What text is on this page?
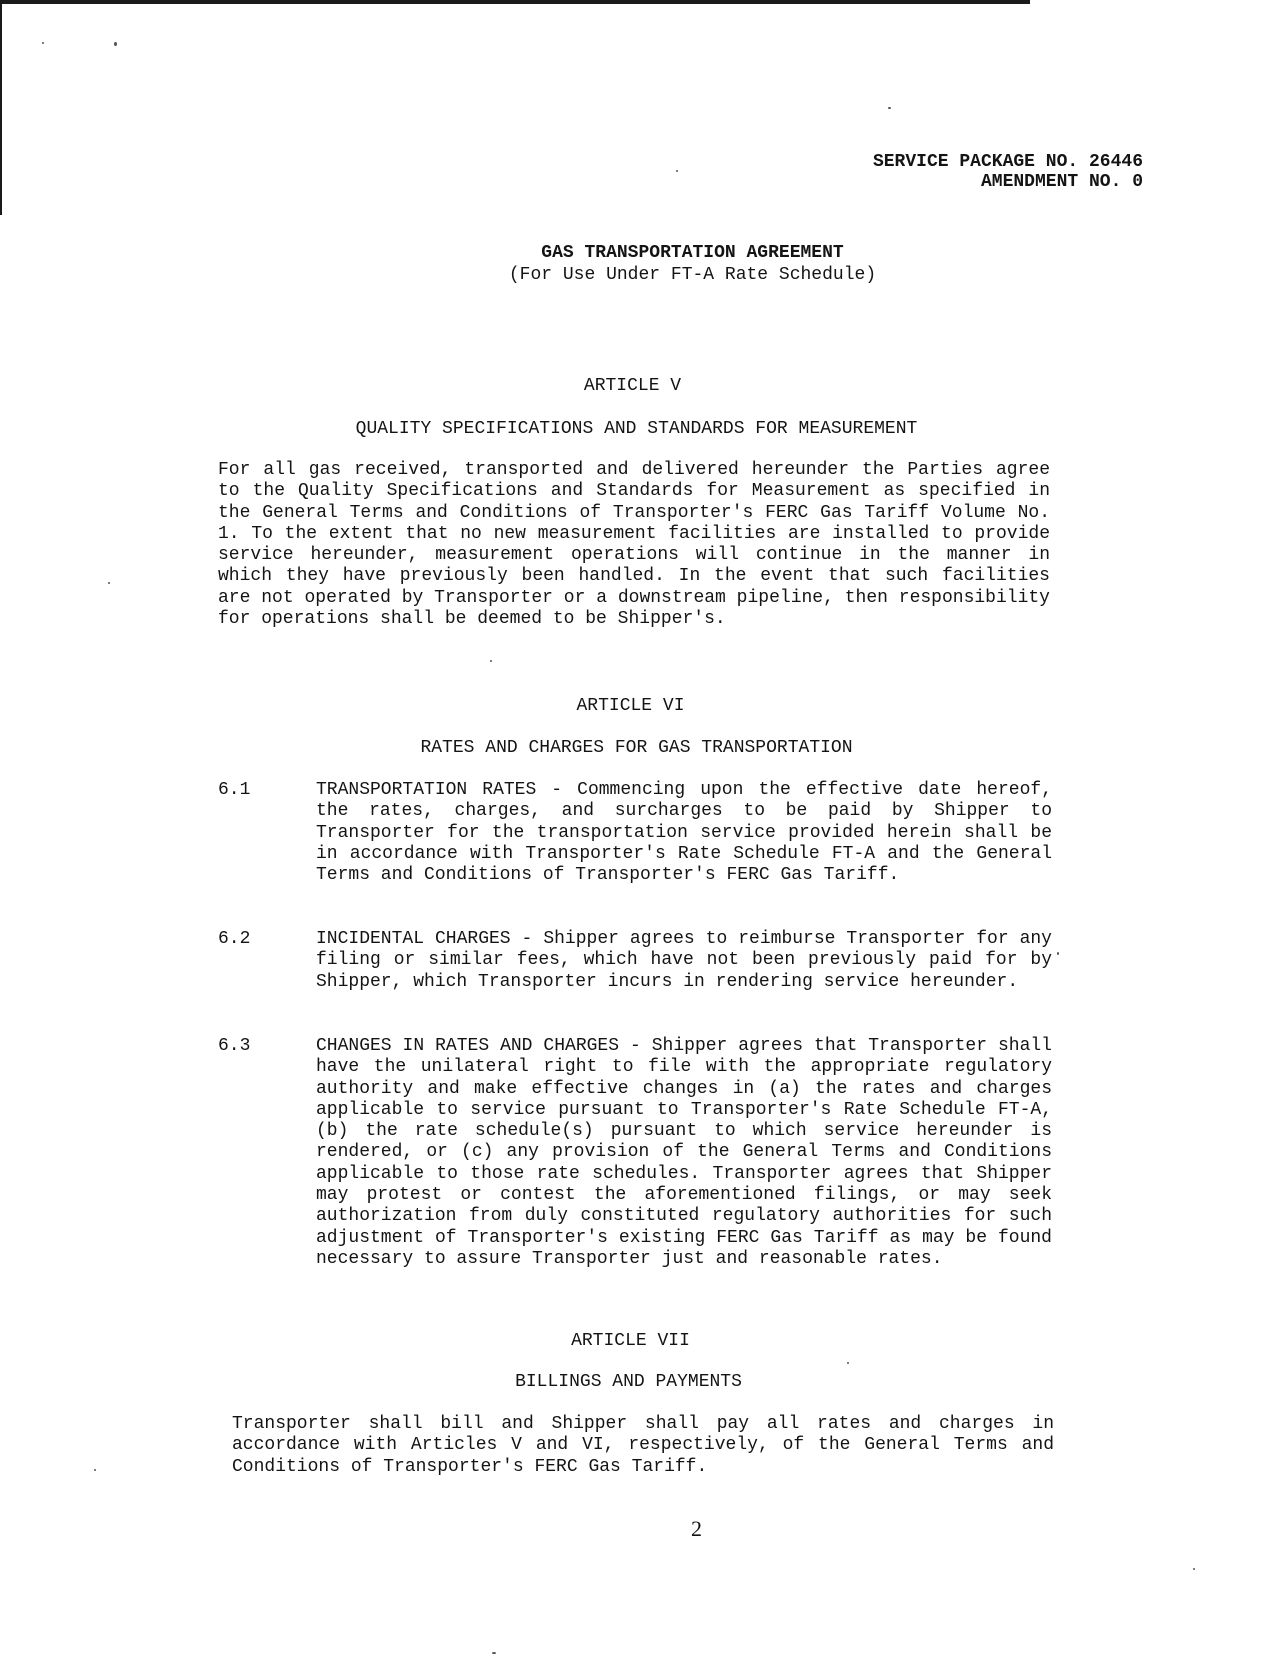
SERVICE PACKAGE NO. 26446
AMENDMENT NO. 0
GAS TRANSPORTATION AGREEMENT
(For Use Under FT-A Rate Schedule)
ARTICLE V
QUALITY SPECIFICATIONS AND STANDARDS FOR MEASUREMENT
For all gas received, transported and delivered hereunder the Parties agree to the Quality Specifications and Standards for Measurement as specified in the General Terms and Conditions of Transporter's FERC Gas Tariff Volume No. 1. To the extent that no new measurement facilities are installed to provide service hereunder, measurement operations will continue in the manner in which they have previously been handled. In the event that such facilities are not operated by Transporter or a downstream pipeline, then responsibility for operations shall be deemed to be Shipper's.
ARTICLE VI
RATES AND CHARGES FOR GAS TRANSPORTATION
6.1	TRANSPORTATION RATES - Commencing upon the effective date hereof, the rates, charges, and surcharges to be paid by Shipper to Transporter for the transportation service provided herein shall be in accordance with Transporter's Rate Schedule FT-A and the General Terms and Conditions of Transporter's FERC Gas Tariff.
6.2	INCIDENTAL CHARGES - Shipper agrees to reimburse Transporter for any filing or similar fees, which have not been previously paid for by Shipper, which Transporter incurs in rendering service hereunder.
6.3	CHANGES IN RATES AND CHARGES - Shipper agrees that Transporter shall have the unilateral right to file with the appropriate regulatory authority and make effective changes in (a) the rates and charges applicable to service pursuant to Transporter's Rate Schedule FT-A, (b) the rate schedule(s) pursuant to which service hereunder is rendered, or (c) any provision of the General Terms and Conditions applicable to those rate schedules. Transporter agrees that Shipper may protest or contest the aforementioned filings, or may seek authorization from duly constituted regulatory authorities for such adjustment of Transporter's existing FERC Gas Tariff as may be found necessary to assure Transporter just and reasonable rates.
ARTICLE VII
BILLINGS AND PAYMENTS
Transporter shall bill and Shipper shall pay all rates and charges in accordance with Articles V and VI, respectively, of the General Terms and Conditions of Transporter's FERC Gas Tariff.
2
